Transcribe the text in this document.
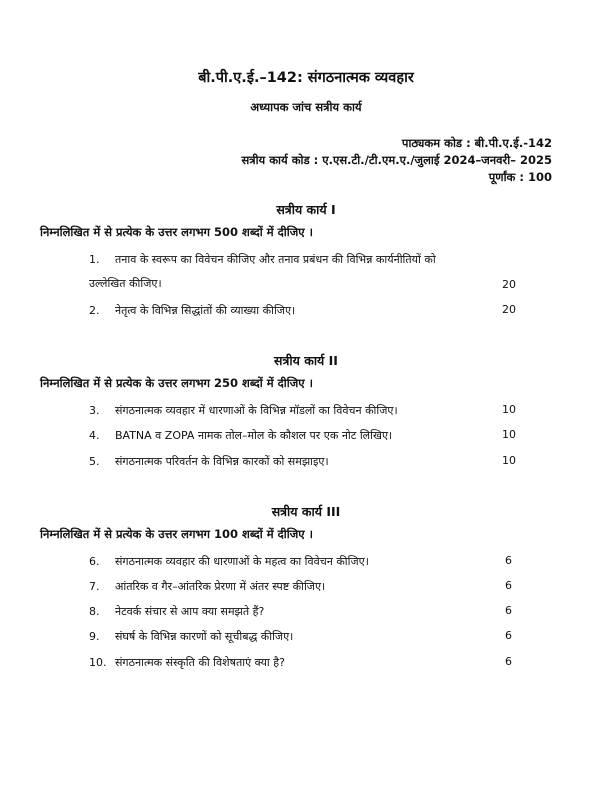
बी.पी.ए.ई.–142: संगठनात्मक व्यवहार
अध्यापक जांच सत्रीय कार्य
पाठ्यकम कोड : बी.पी.ए.ई.-142
सत्रीय कार्य कोड : ए.एस.टी./टी.एम.ए./जुलाई 2024–जनवरी– 2025
पूर्णांक : 100
सत्रीय कार्य I
निम्नलिखित में से प्रत्येक के उत्तर लगभग 500 शब्दों में दीजिए ।
1. तनाव के स्वरूप का विवेचन कीजिए और तनाव प्रबंधन की विभिन्न कार्यनीतियों को
उल्लेखित कीजिए।	20
2. नेतृत्व के विभिन्न सिद्धांतों की व्याख्या कीजिए।	20
सत्रीय कार्य II
निम्नलिखित में से प्रत्येक के उत्तर लगभग 250 शब्दों में दीजिए ।
3. संगठनात्मक व्यवहार में धारणाओं के विभिन्न मॉडलों का विवेचन कीजिए।	10
4. BATNA व ZOPA नामक तोल–मोल के कौशल पर एक नोट लिखिए।	10
5. संगठनात्मक परिवर्तन के विभिन्न कारकों को समझाइए।	10
सत्रीय कार्य III
निम्नलिखित में से प्रत्येक के उत्तर लगभग 100 शब्दों में दीजिए ।
6. संगठनात्मक व्यवहार की धारणाओं के महत्व का विवेचन कीजिए।	6
7. आंतरिक व गैर–आंतरिक प्रेरणा में अंतर स्पष्ट कीजिए।	6
8. नेटवर्क संचार से आप क्या समझते हैं?	6
9. संघर्ष के विभिन्न कारणों को सूचीबद्ध कीजिए।	6
10. संगठनात्मक संस्कृति की विशेषताएं क्या है?	6
